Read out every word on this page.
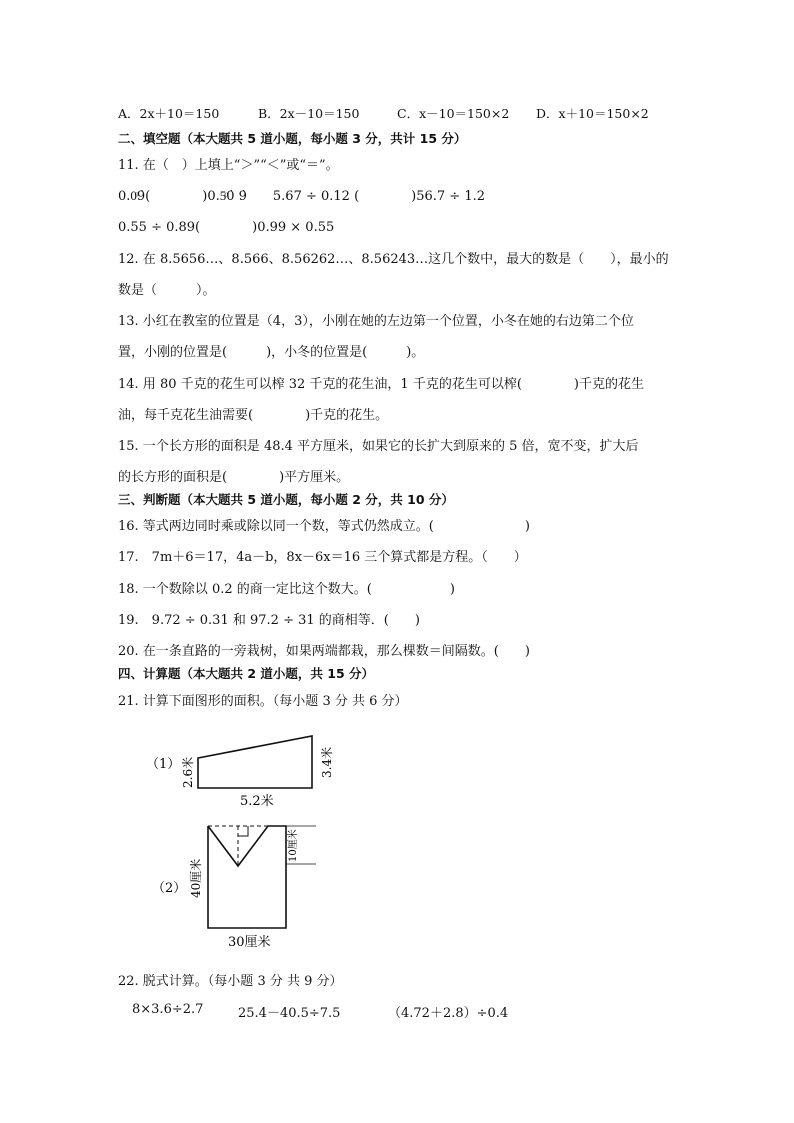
A．2x＋10＝150	B．2x－10＝150	C．x－10＝150×2 D．x＋10＝150×2
二、填空题（本大题共 5 道小题，每小题 3 分，共计 15 分）
11. 在（　）上填上“＞”“＜”或“＝”。
0.0ͦ9̇(　　　　)0.5ͦ0̇ 9̇　　5.67 ÷ 0.12 (　　　　)56.7 ÷ 1.2
0.55 ÷ 0.89(　　　　)0.99 × 0.55
12. 在 8.5656…、8.566、8.56262…、8.56243…这几个数中，最大的数是（　　），最小的
数是（　　　）。
13. 小红在教室的位置是（4，3），小刚在她的左边第一个位置，小冬在她的右边第二个位
置，小刚的位置是(　　　)，小冬的位置是(　　　)。
14. 用 80 千克的花生可以榨 32 千克的花生油，1 千克的花生可以榨(　　　　)千克的花生
油，每千克花生油需要(　　　　)千克的花生。
15. 一个长方形的面积是 48.4 平方厘米，如果它的长扩大到原来的 5 倍，宽不变，扩大后
的长方形的面积是(　　　　)平方厘米。
三、判断题（本大题共 5 道小题，每小题 2 分，共 10 分）
16. 等式两边同时乘或除以同一个数，等式仍然成立。(　　　　　　　)
17.　7m＋6＝17，4a－b，8x－6x＝16 三个算式都是方程。（　　）
18. 一个数除以 0.2 的商一定比这个数大。(　　　　　　)
19.　9.72 ÷ 0.31 和 97.2 ÷ 31 的商相等．(　　)
20. 在一条直路的一旁栽树，如果两端都栽，那么棵数＝间隔数。(　　)
四、计算题（本大题共 2 道小题，共 15 分）
21. 计算下面图形的面积。（每小题 3 分 共 6 分）
（1） 2.6米	3.4米
5.2米
（2） 40厘米
10厘米
30厘米
22. 脱式计算。（每小题 3 分 共 9 分）
8×3.6÷2.7	25.4－40.5÷7.5	（4.72＋2.8）÷0.4
